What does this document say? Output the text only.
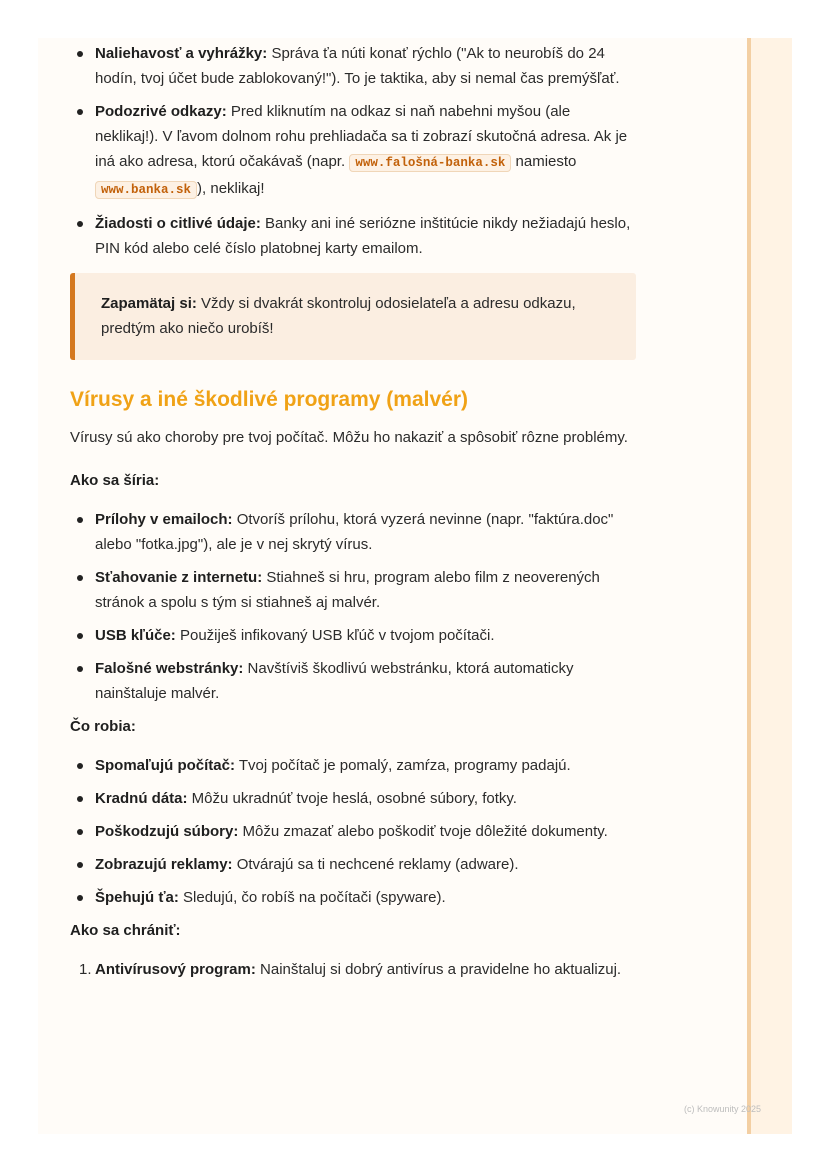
Naliehavosť a vyhrážky: Správa ťa núti konať rýchlo ("Ak to neurobíš do 24 hodín, tvoj účet bude zablokovaný!"). To je taktika, aby si nemal čas premýšľať.
Podozrivé odkazy: Pred kliknutím na odkaz si naň nabehni myšou (ale neklikaj!). V ľavom dolnom rohu prehliadača sa ti zobrazí skutočná adresa. Ak je iná ako adresa, ktorú očakávaš (napr. www.falošná-banka.sk namiesto www.banka.sk ), neklikaj!
Žiadosti o citlivé údaje: Banky ani iné seriózne inštitúcie nikdy nežiadajú heslo, PIN kód alebo celé číslo platobnej karty emailom.
Zapamätaj si: Vždy si dvakrát skontroluj odosielateľa a adresu odkazu, predtým ako niečo urobíš!
Vírusy a iné škodlivé programy (malvér)

Vírusy sú ako choroby pre tvoj počítač. Môžu ho nakaziť a spôsobiť rôzne problémy.

Ako sa šíria:

Prílohy v emailoch: Otvoríš prílohu, ktorá vyzerá nevinne (napr. "faktúra.doc" alebo "fotka.jpg"), ale je v nej skrytý vírus.
Sťahovanie z internetu: Stiahneš si hru, program alebo film z neoverených stránok a spolu s tým si stiahneš aj malvér.
USB kľúče: Použiješ infikovaný USB kľúč v tvojom počítači.
Falošné webstránky: Navštíviš škodlivú webstránku, ktorá automaticky nainštaluje malvér.

Čo robia:

Spomaľujú počítač: Tvoj počítač je pomalý, zamŕza, programy padajú.
Kradnú dáta: Môžu ukradnúť tvoje heslá, osobné súbory, fotky.
Poškodzujú súbory: Môžu zmazať alebo poškodiť tvoje dôležité dokumenty.
Zobrazujú reklamy: Otvárajú sa ti nechcené reklamy (adware).
Špehujú ťa: Sledujú, čo robíš na počítači (spyware).

Ako sa chrániť:

1. Antivírusový program: Nainštaluj si dobrý antivírus a pravidelne ho aktualizuj.
(c) Knowunity 2025
